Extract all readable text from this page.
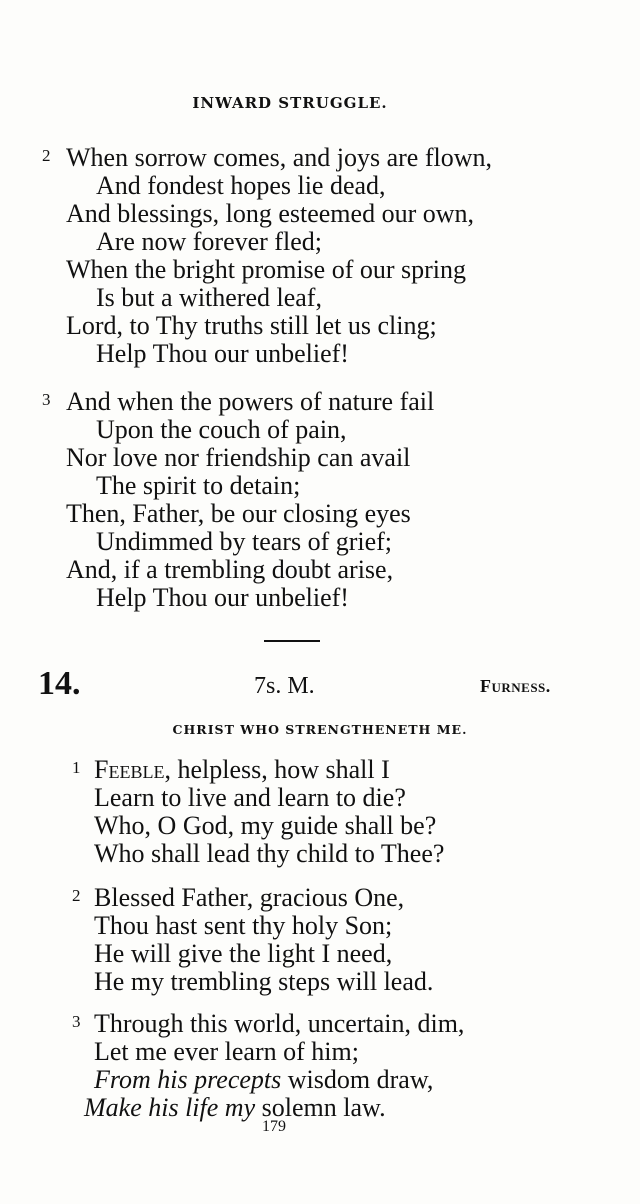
INWARD STRUGGLE.
2 When sorrow comes, and joys are flown,
And fondest hopes lie dead,
And blessings, long esteemed our own,
Are now forever fled;
When the bright promise of our spring
Is but a withered leaf,
Lord, to Thy truths still let us cling;
Help Thou our unbelief!
3 And when the powers of nature fail
Upon the couch of pain,
Nor love nor friendship can avail
The spirit to detain;
Then, Father, be our closing eyes
Undimmed by tears of grief;
And, if a trembling doubt arise,
Help Thou our unbelief!
14.	7s. M.	Furness.
CHRIST WHO STRENGTHENETH ME.
1 Feeble, helpless, how shall I
Learn to live and learn to die?
Who, O God, my guide shall be?
Who shall lead thy child to Thee?
2 Blessed Father, gracious One,
Thou hast sent thy holy Son;
He will give the light I need,
He my trembling steps will lead.
3 Through this world, uncertain, dim,
Let me ever learn of him;
From his precepts wisdom draw,
Make his life my solemn law.
179
